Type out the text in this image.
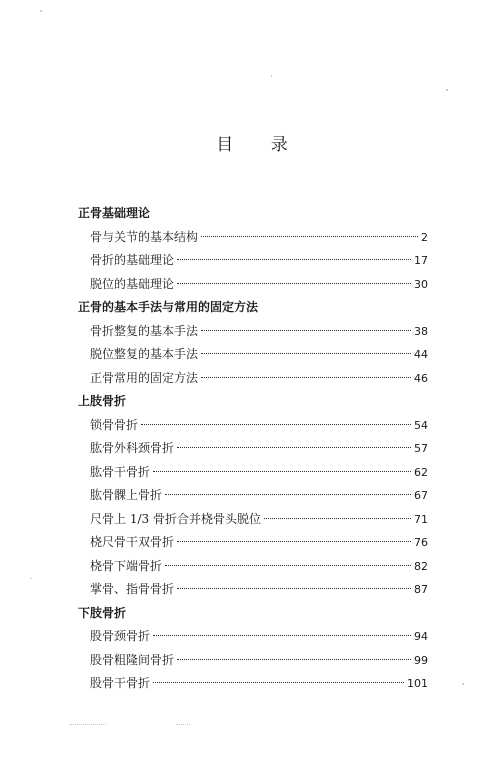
目 录
正骨基础理论
骨与关节的基本结构	2
骨折的基础理论	17
脱位的基础理论	30
正骨的基本手法与常用的固定方法
骨折整复的基本手法	38
脱位整复的基本手法	44
正骨常用的固定方法	46
上肢骨折
锁骨骨折	54
肱骨外科颈骨折	57
肱骨干骨折	62
肱骨髁上骨折	67
尺骨上 1/3 骨折合并桡骨头脱位	71
桡尺骨干双骨折	76
桡骨下端骨折	82
掌骨、指骨骨折	87
下肢骨折
股骨颈骨折	94
股骨粗隆间骨折	99
股骨干骨折	101
